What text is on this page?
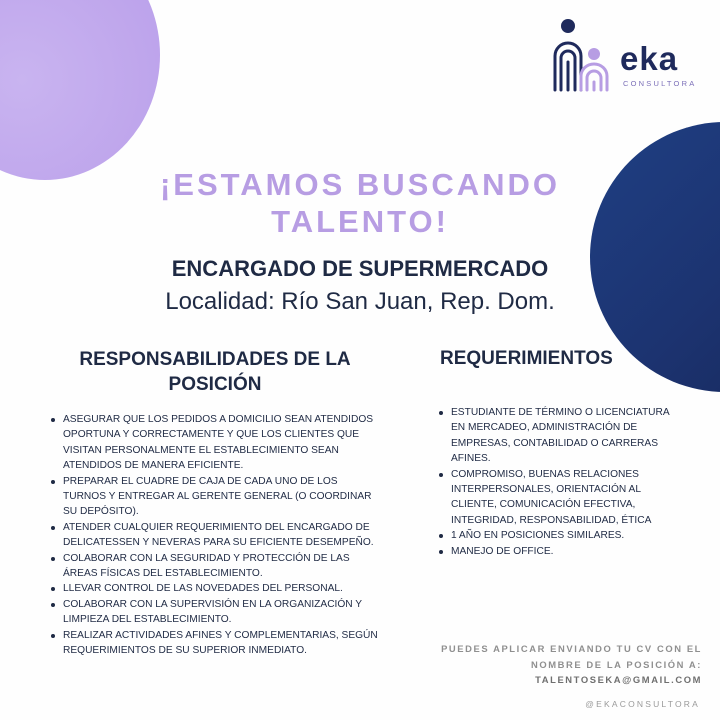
eka
CONSULTORA
¡ESTAMOS BUSCANDO
TALENTO!
ENCARGADO DE SUPERMERCADO
Localidad: Río San Juan, Rep. Dom.
RESPONSABILIDADES DE LA
POSICIÓN
REQUERIMIENTOS
ASEGURAR QUE LOS PEDIDOS A DOMICILIO SEAN ATENDIDOS OPORTUNA Y CORRECTAMENTE Y QUE LOS CLIENTES QUE VISITAN PERSONALMENTE EL ESTABLECIMIENTO SEAN ATENDIDOS DE MANERA EFICIENTE.
PREPARAR EL CUADRE DE CAJA DE CADA UNO DE LOS TURNOS Y ENTREGAR AL GERENTE GENERAL (O COORDINAR SU DEPÓSITO).
ATENDER CUALQUIER REQUERIMIENTO DEL ENCARGADO DE DELICATESSEN Y NEVERAS PARA SU EFICIENTE DESEMPEÑO.
COLABORAR CON LA SEGURIDAD Y PROTECCIÓN DE LAS ÁREAS FÍSICAS DEL ESTABLECIMIENTO.
LLEVAR CONTROL DE LAS NOVEDADES DEL PERSONAL.
COLABORAR CON LA SUPERVISIÓN EN LA ORGANIZACIÓN Y LIMPIEZA DEL ESTABLECIMIENTO.
REALIZAR ACTIVIDADES AFINES Y COMPLEMENTARIAS, SEGÚN REQUERIMIENTOS DE SU SUPERIOR INMEDIATO.
ESTUDIANTE DE TÉRMINO O LICENCIATURA EN MERCADEO, ADMINISTRACIÓN DE EMPRESAS, CONTABILIDAD O CARRERAS AFINES.
COMPROMISO, BUENAS RELACIONES INTERPERSONALES, ORIENTACIÓN AL CLIENTE, COMUNICACIÓN EFECTIVA, INTEGRIDAD, RESPONSABILIDAD, ÉTICA
1 AÑO EN POSICIONES SIMILARES.
MANEJO DE OFFICE.
PUEDES APLICAR ENVIANDO TU CV CON EL
NOMBRE DE LA POSICIÓN A:
TALENTOSEKA@GMAIL.COM
@EKACONSULTORA
